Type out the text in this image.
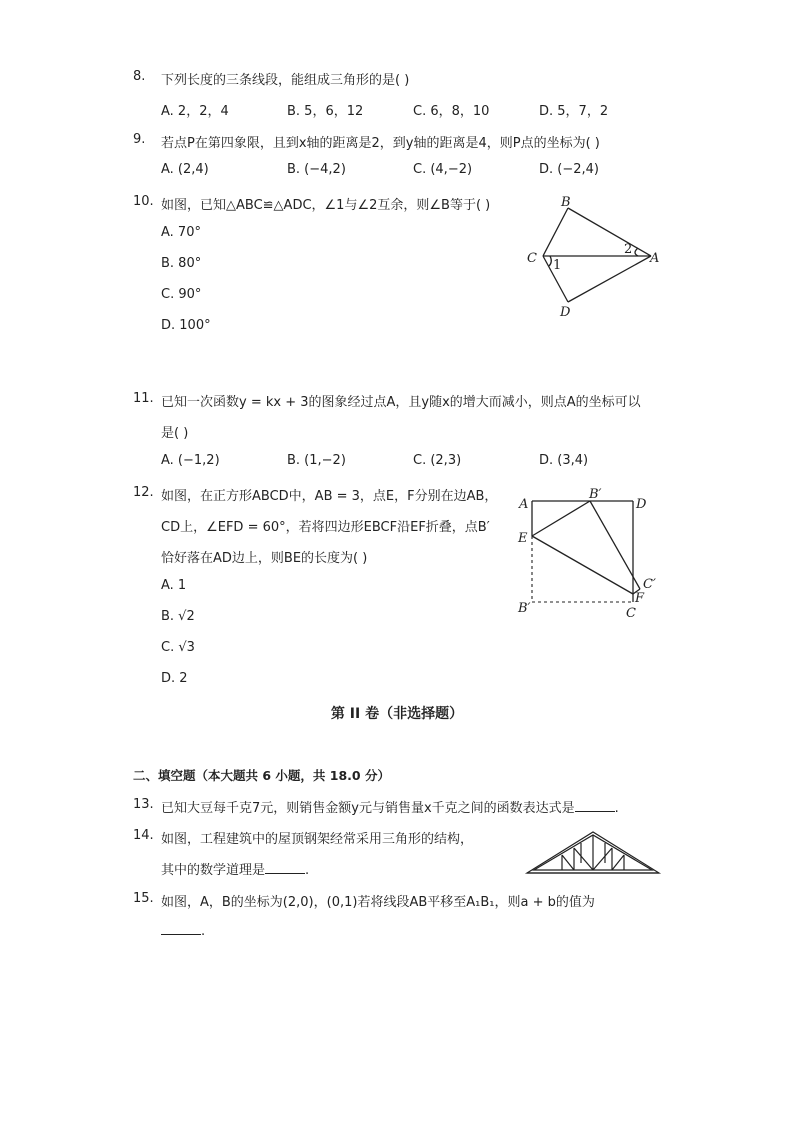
8. 下列长度的三条线段，能组成三角形的是( )
A. 2，2，4	B. 5，6，12	C. 6，8，10	D. 5，7，2
9. 若点P在第四象限，且到x轴的距离是2，到y轴的距离是4，则P点的坐标为( )
A. (2,4)	B. (−4,2)	C. (4,−2)	D. (−2,4)
10. 如图，已知△ABC≌△ADC，∠1与∠2互余，则∠B等于( )
A. 70°
B. 80°
C. 90°
D. 100°
B
C	A
D
1
2
11. 已知一次函数y = kx + 3的图象经过点A，且y随x的增大而减小，则点A的坐标可以
是( )
A. (−1,2)	B. (1,−2)	C. (2,3)	D. (3,4)
12. 如图，在正方形ABCD中，AB = 3，点E，F分别在边AB，
CD上，∠EFD = 60°，若将四边形EBCF沿EF折叠，点B′
恰好落在AD边上，则BE的长度为( )
A. 1
B. √2
C. √3
D. 2
A
B′
D
E
C′
F
B′	C
第 II 卷（非选择题）
二、填空题（本大题共 6 小题，共 18.0 分）
13. 已知大豆每千克7元，则销售金额y元与销售量x千克之间的函数表达式是	.
14. 如图，工程建筑中的屋顶钢架经常采用三角形的结构，
其中的数学道理是	.
15. 如图，A，B的坐标为(2,0)，(0,1)若将线段AB平移至A₁B₁，则a + b的值为
.
